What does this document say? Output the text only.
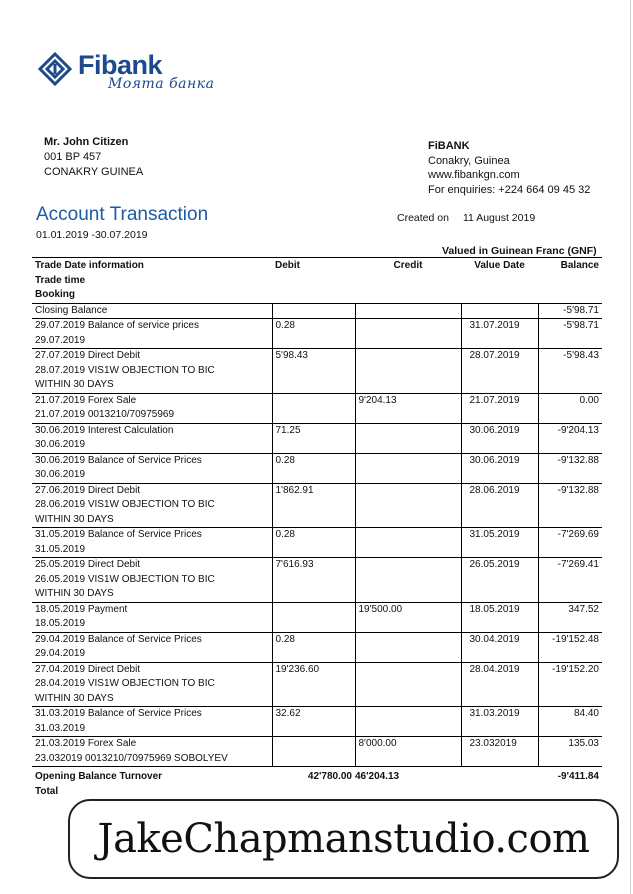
Fibank
Моята банка
Mr. John Citizen
001 BP 457
CONAKRY GUINEA
FiBANK
Conakry, Guinea
www.fibankgn.com
For enquiries: +224 664 09 45 32
Account Transaction
01.01.2019 -30.07.2019
Created on 11 August 2019
Valued in Guinean Franc (GNF)
Trade Date information
Trade time
Booking	Debit	Credit	Value Date	Balance

Closing Balance				-5'98.71

29.07.2019 Balance of service prices
29.07.2019	0.28		31.07.2019	-5'98.71

27.07.2019 Direct Debit
28.07.2019 VIS1W OBJECTION TO BIC
WITHIN 30 DAYS	5'98.43		28.07.2019	-5'98.43

21.07.2019 Forex Sale
21.07.2019 0013210/70975969		9'204.13	21.07.2019	0.00

30.06.2019 Interest Calculation
30.06.2019	71.25		30.06.2019	-9'204.13

30.06.2019 Balance of Service Prices
30.06.2019	0.28		30.06.2019	-9'132.88

27.06.2019 Direct Debit
28.06.2019 VIS1W OBJECTION TO BIC
WITHIN 30 DAYS	1'862.91		28.06.2019	-9'132.88

31.05.2019 Balance of Service Prices
31.05.2019	0.28		31.05.2019	-7'269.69

25.05.2019 Direct Debit
26.05.2019 VIS1W OBJECTION TO BIC
WITHIN 30 DAYS	7'616.93		26.05.2019	-7'269.41

18.05.2019 Payment
18.05.2019		19'500.00	18.05.2019	347.52

29.04.2019 Balance of Service Prices
29.04.2019	0.28		30.04.2019	-19'152.48

27.04.2019 Direct Debit
28.04.2019 VIS1W OBJECTION TO BIC
WITHIN 30 DAYS	19'236.60		28.04.2019	-19'152.20

31.03.2019 Balance of Service Prices
31.03.2019	32.62		31.03.2019	84.40

21.03.2019 Forex Sale
23.032019 0013210/70975969 SOBOLYEV		8'000.00	23.032019	135.03

Opening Balance Turnover
Total	42'780.00	46'204.13		-9'411.84
JakeChapmanstudio.com
